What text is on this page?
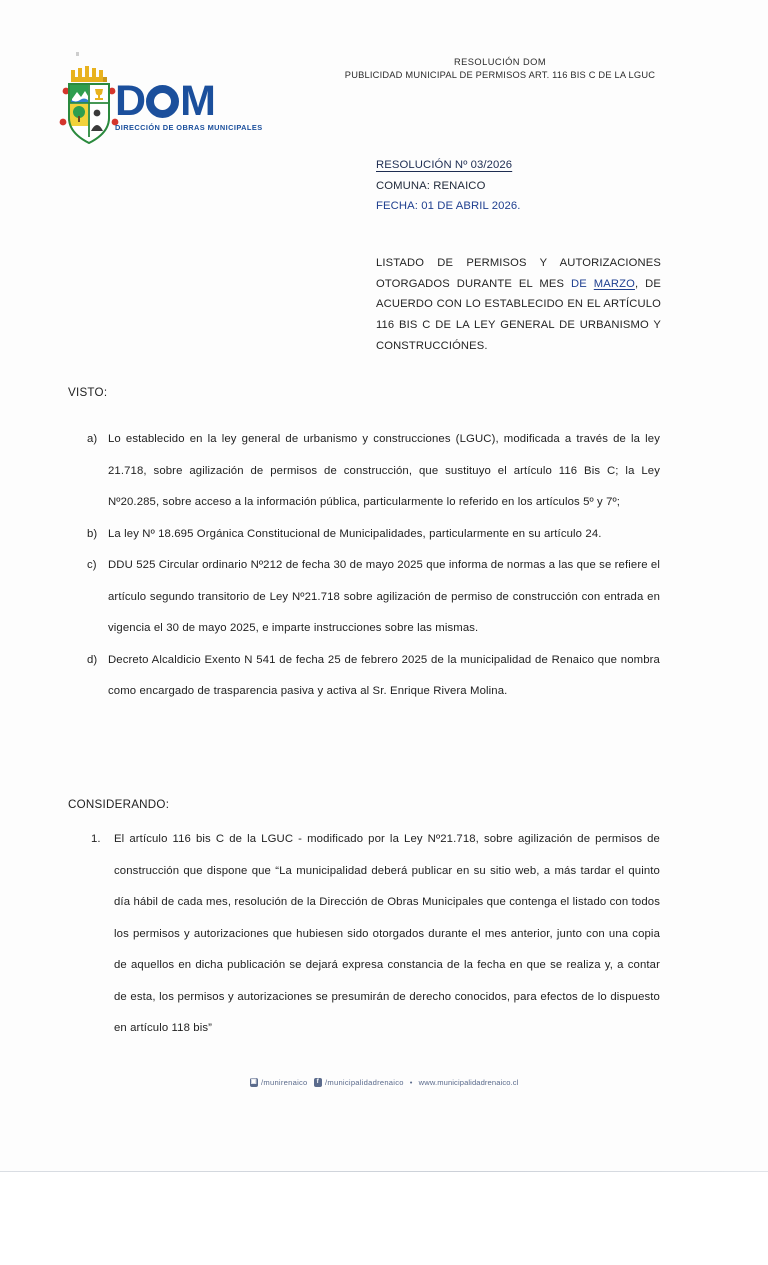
RESOLUCIÓN DOM
PUBLICIDAD MUNICIPAL DE PERMISOS ART. 116 BIS C DE LA LGUC
D M
DIRECCIÓN DE OBRAS MUNICIPALES
RESOLUCIÓN Nº 03/2026
COMUNA: RENAICO
FECHA: 01 DE ABRIL 2026.

LISTADO DE PERMISOS Y AUTORIZACIONES OTORGADOS DURANTE EL MES DE MARZO, DE ACUERDO CON LO ESTABLECIDO EN EL ARTÍCULO 116 BIS C DE LA LEY GENERAL DE URBANISMO Y CONSTRUCCIÓNES.

VISTO:
a) Lo establecido en la ley general de urbanismo y construcciones (LGUC), modificada a través de la ley 21.718, sobre agilización de permisos de construcción, que sustituyo el artículo 116 Bis C; la Ley Nº20.285, sobre acceso a la información pública, particularmente lo referido en los artículos 5º y 7º;
b) La ley Nº 18.695 Orgánica Constitucional de Municipalidades, particularmente en su artículo 24.
c) DDU 525 Circular ordinario Nº212 de fecha 30 de mayo 2025 que informa de normas a las que se refiere el artículo segundo transitorio de Ley Nº21.718 sobre agilización de permiso de construcción con entrada en vigencia el 30 de mayo 2025, e imparte instrucciones sobre las mismas.
d) Decreto Alcaldicio Exento N 541 de fecha 25 de febrero 2025 de la municipalidad de Renaico que nombra como encargado de trasparencia pasiva y activa al Sr. Enrique Rivera Molina.
CONSIDERANDO:
1.	El artículo 116 bis C de la LGUC - modificado por la Ley Nº21.718, sobre agilización de permisos de construcción que dispone que “La municipalidad deberá publicar en su sitio web, a más tardar el quinto día hábil de cada mes, resolución de la Dirección de Obras Municipales que contenga el listado con todos los permisos y autorizaciones que hubiesen sido otorgados durante el mes anterior, junto con una copia de aquellos en dicha publicación se dejará expresa constancia de la fecha en que se realiza y, a contar de esta, los permisos y autorizaciones se presumirán de derecho conocidos, para efectos de lo dispuesto en artículo 118 bis”
▣ /munirenaico	f /municipalidadrenaico • www.municipalidadrenaico.cl
